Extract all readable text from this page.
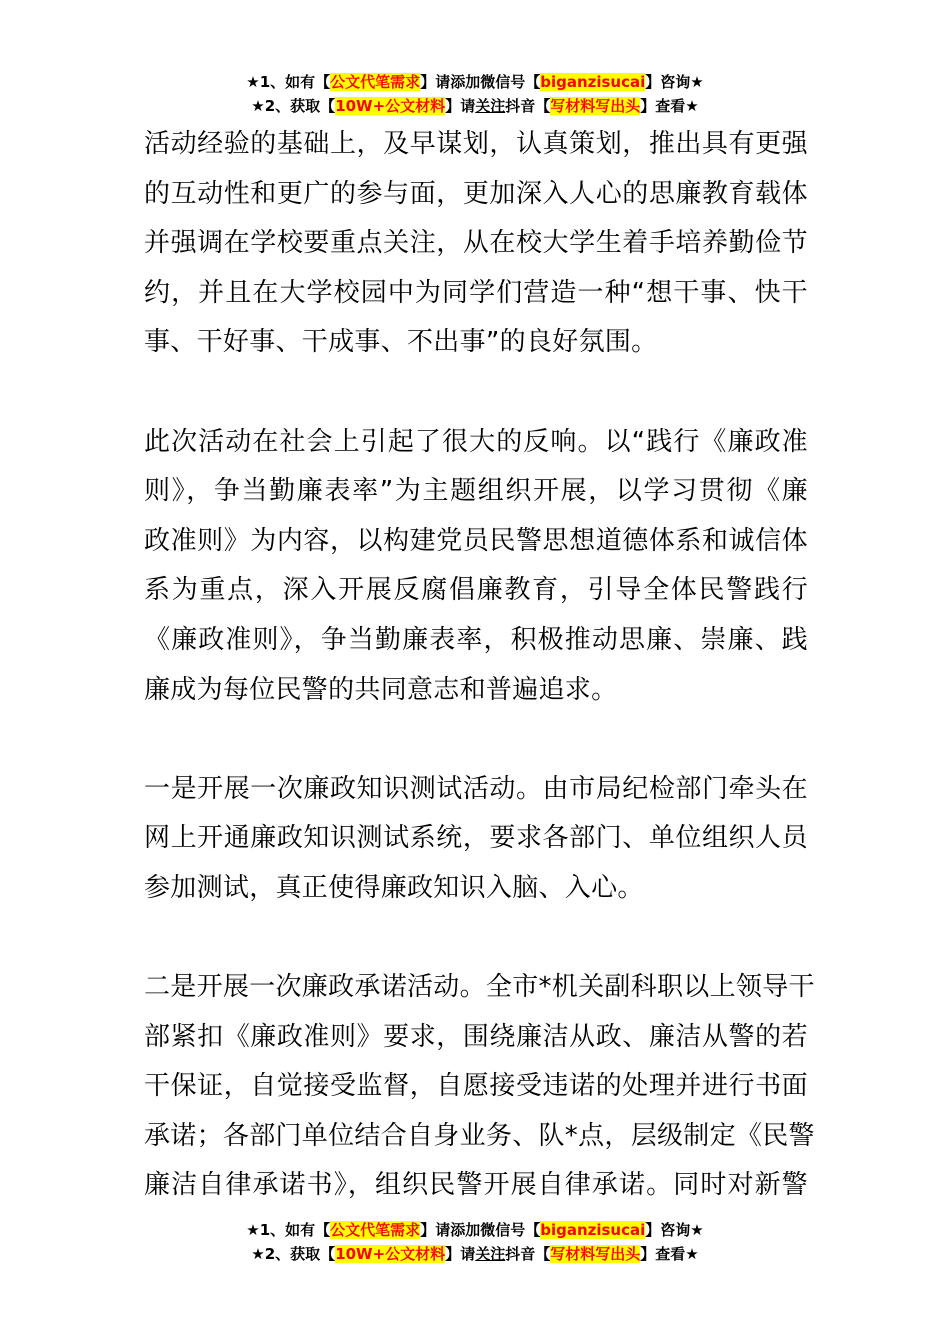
★1、如有【公文代笔需求】请添加微信号【biganzisucai】咨询★
★2、获取【10W+公文材料】请关注抖音【写材料写出头】查看★
活动经验的基础上，及早谋划，认真策划，推出具有更强
的互动性和更广的参与面，更加深入人心的思廉教育载体
并强调在学校要重点关注，从在校大学生着手培养勤俭节
约，并且在大学校园中为同学们营造一种“想干事、快干
事、干好事、干成事、不出事”的良好氛围。
此次活动在社会上引起了很大的反响。以“践行《廉政准
则》，争当勤廉表率”为主题组织开展，以学习贯彻《廉
政准则》为内容，以构建党员民警思想道德体系和诚信体
系为重点，深入开展反腐倡廉教育，引导全体民警践行
《廉政准则》，争当勤廉表率，积极推动思廉、崇廉、践
廉成为每位民警的共同意志和普遍追求。
一是开展一次廉政知识测试活动。由市局纪检部门牵头在
网上开通廉政知识测试系统，要求各部门、单位组织人员
参加测试，真正使得廉政知识入脑、入心。
二是开展一次廉政承诺活动。全市*机关副科职以上领导干
部紧扣《廉政准则》要求，围绕廉洁从政、廉洁从警的若
干保证，自觉接受监督，自愿接受违诺的处理并进行书面
承诺；各部门单位结合自身业务、队*点，层级制定《民警
廉洁自律承诺书》，组织民警开展自律承诺。同时对新警
★1、如有【公文代笔需求】请添加微信号【biganzisucai】咨询★
★2、获取【10W+公文材料】请关注抖音【写材料写出头】查看★
